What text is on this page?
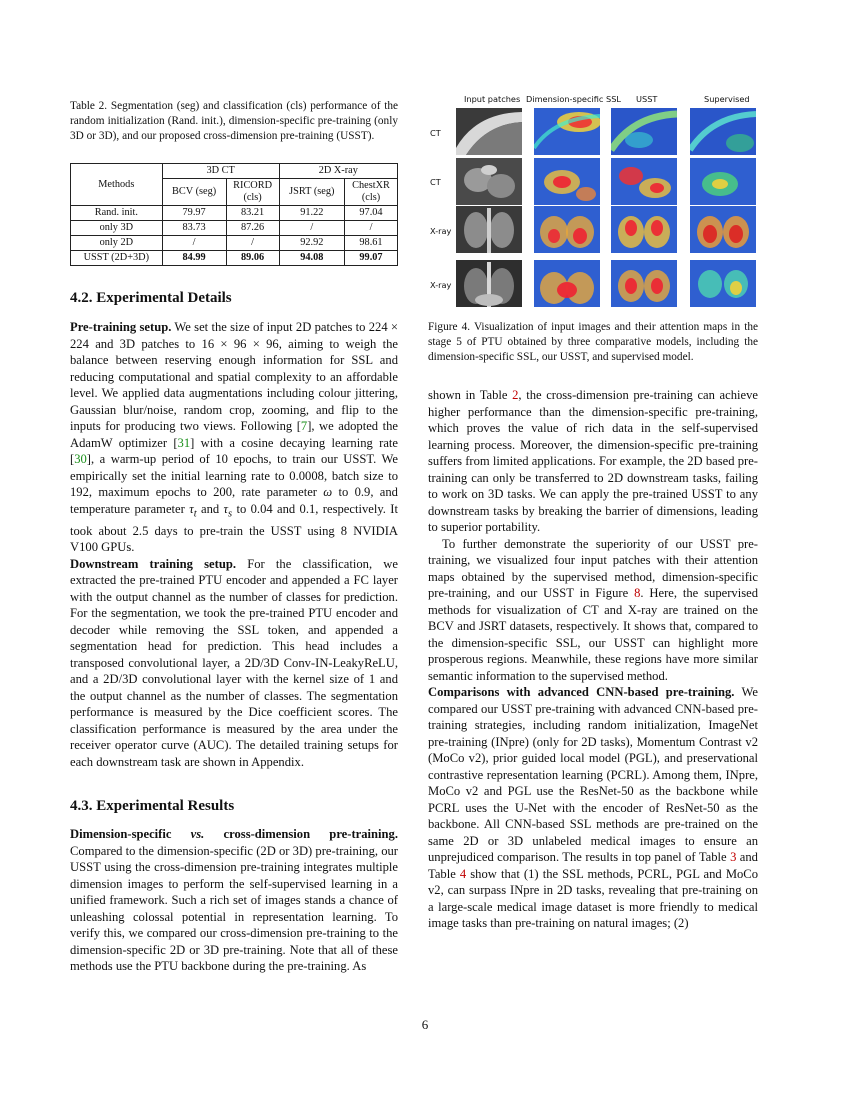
Table 2. Segmentation (seg) and classification (cls) performance of the random initialization (Rand. init.), dimension-specific pre-training (only 3D or 3D), and our proposed cross-dimension pre-training (USST).
Methods	3D CT		2D X-ray	
	BCV (seg)	RICORD (cls)	JSRT (seg)	ChestXR (cls)
Rand. init.	79.97	83.21	91.22	97.04
only 3D	83.73	87.26	/	/
only 2D	/	/	92.92	98.61
USST (2D+3D)	84.99	89.06	94.08	99.07
4.2. Experimental Details

Pre-training setup. We set the size of input 2D patches to 224 × 224 and 3D patches to 16 × 96 × 96, aiming to weigh the balance between reserving enough information for SSL and reducing computational and spatial complexity to an affordable level. We applied data augmentations including colour jittering, Gaussian blur/noise, random crop, zooming, and flip to the inputs for producing two views. Following [7], we adopted the AdamW optimizer [31] with a cosine decaying learning rate [30], a warm-up period of 10 epochs, to train our USST. We empirically set the initial learning rate to 0.0008, batch size to 192, maximum epochs to 200, rate parameter ω to 0.9, and temperature parameter $\tau_t$ and $\tau_s$ to 0.04 and 0.1, respectively. It took about 2.5 days to pre-train the USST using 8 NVIDIA V100 GPUs.

Downstream training setup. For the classification, we extracted the pre-trained PTU encoder and appended a FC layer with the output channel as the number of classes for prediction. For the segmentation, we took the pre-trained PTU encoder and decoder while removing the SSL token, and appended a segmentation head for prediction. This head includes a transposed convolutional layer, a 2D/3D Conv-IN-LeakyReLU, and a 2D/3D convolutional layer with the kernel size of 1 and the output channel as the number of classes. The segmentation performance is measured by the Dice coefficient scores. The classification performance is measured by the area under the receiver operator curve (AUC). The detailed training setups for each downstream task are shown in Appendix.

4.3. Experimental Results

Dimension-specific vs. cross-dimension pre-training. Compared to the dimension-specific (2D or 3D) pre-training, our USST using the cross-dimension pre-training integrates multiple dimension images to perform the self-supervised learning in a unified framework. Such a rich set of images stands a chance of unleashing colossal potential in representation learning. To verify this, we compared our cross-dimension pre-training to the dimension-specific 2D or 3D pre-training. Note that all of these methods use the PTU backbone during the pre-training. As

Input patches Dimension-specific SSL USST	Supervised
CT
CT
X-ray
X-ray
Figure 4. Visualization of input images and their attention maps in the stage 5 of PTU obtained by three comparative models, including the dimension-specific SSL, our USST, and supervised model.

shown in Table 2, the cross-dimension pre-training can achieve higher performance than the dimension-specific pre-training, which proves the value of rich data in the self-supervised learning process. Moreover, the dimension-specific pre-training suffers from limited applications. For example, the 2D based pre-training can only be transferred to 2D downstream tasks, failing to work on 3D tasks. We can apply the pre-trained USST to any downstream tasks by breaking the barrier of dimensions, leading to superior portability.

To further demonstrate the superiority of our USST pre-training, we visualized four input patches with their attention maps obtained by the supervised method, dimension-specific pre-training, and our USST in Figure 8. Here, the supervised methods for visualization of CT and X-ray are trained on the BCV and JSRT datasets, respectively. It shows that, compared to the dimension-specific SSL, our USST can highlight more prosperous regions. Meanwhile, these regions have more similar semantic information to the supervised method.

Comparisons with advanced CNN-based pre-training. We compared our USST pre-training with advanced CNN-based pre-training strategies, including random initialization, ImageNet pre-training (INpre) (only for 2D tasks), Momentum Contrast v2 (MoCo v2), prior guided local model (PGL), and preservational contrastive representation learning (PCRL). Among them, INpre, MoCo v2 and PGL use the ResNet-50 as the backbone while PCRL uses the U-Net with the encoder of ResNet-50 as the backbone. All CNN-based SSL methods are pre-trained on the same 2D or 3D unlabeled medical images to ensure an unprejudiced comparison. The results in top panel of Table 3 and Table 4 show that (1) the SSL methods, PCRL, PGL and MoCo v2, can surpass INpre in 2D tasks, revealing that pre-training on a large-scale medical image dataset is more friendly to medical image tasks than pre-training on natural images; (2)

6
